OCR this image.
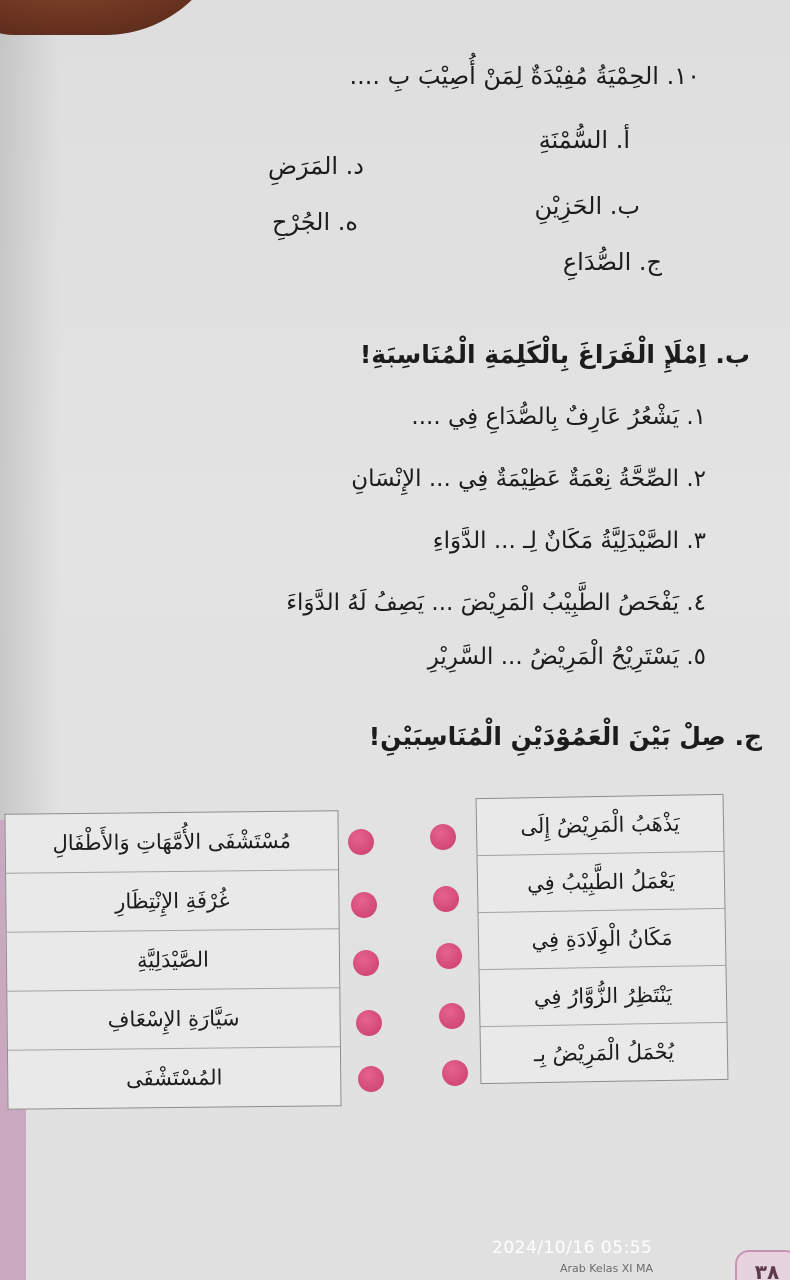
١٠. الحِمْيَةُ مُفِيْدَةٌ لِمَنْ أُصِيْبَ بِ ....
أ. السُّمْنَةِ
ب. الحَزِيْنِ
ج. الصُّدَاعِ
د. المَرَضِ
ه. الجُرْحِ
ب. اِمْلَإِ الْفَرَاغَ بِالْكَلِمَةِ الْمُنَاسِبَةِ!
١. يَشْعُرُ عَارِفٌ بِالصُّدَاعِ فِي ....
٢. الصِّحَّةُ نِعْمَةٌ عَظِيْمَةٌ فِي ... الإِنْسَانِ
٣. الصَّيْدَلِيَّةُ مَكَانٌ لِـ ... الدَّوَاءِ
٤. يَفْحَصُ الطَّبِيْبُ الْمَرِيْضَ ... يَصِفُ لَهُ الدَّوَاءَ
٥. يَسْتَرِيْحُ الْمَرِيْضُ ... السَّرِيْرِ
ج. صِلْ بَيْنَ الْعَمُوْدَيْنِ الْمُنَاسِبَيْنِ!
يَذْهَبُ الْمَرِيْضُ إِلَى
يَعْمَلُ الطَّبِيْبُ فِي
مَكَانُ الْوِلَادَةِ فِي
يَنْتَظِرُ الزُّوَّارُ فِي
يُحْمَلُ الْمَرِيْضُ بِـ
مُسْتَشْفَى الأُمَّهَاتِ وَالأَطْفَالِ
غُرْفَةِ الإِنْتِظَارِ
الصَّيْدَلِيَّةِ
سَيَّارَةِ الإِسْعَافِ
المُسْتَشْفَى
2024/10/16 05:55
Arab Kelas XI MA	٣٨
